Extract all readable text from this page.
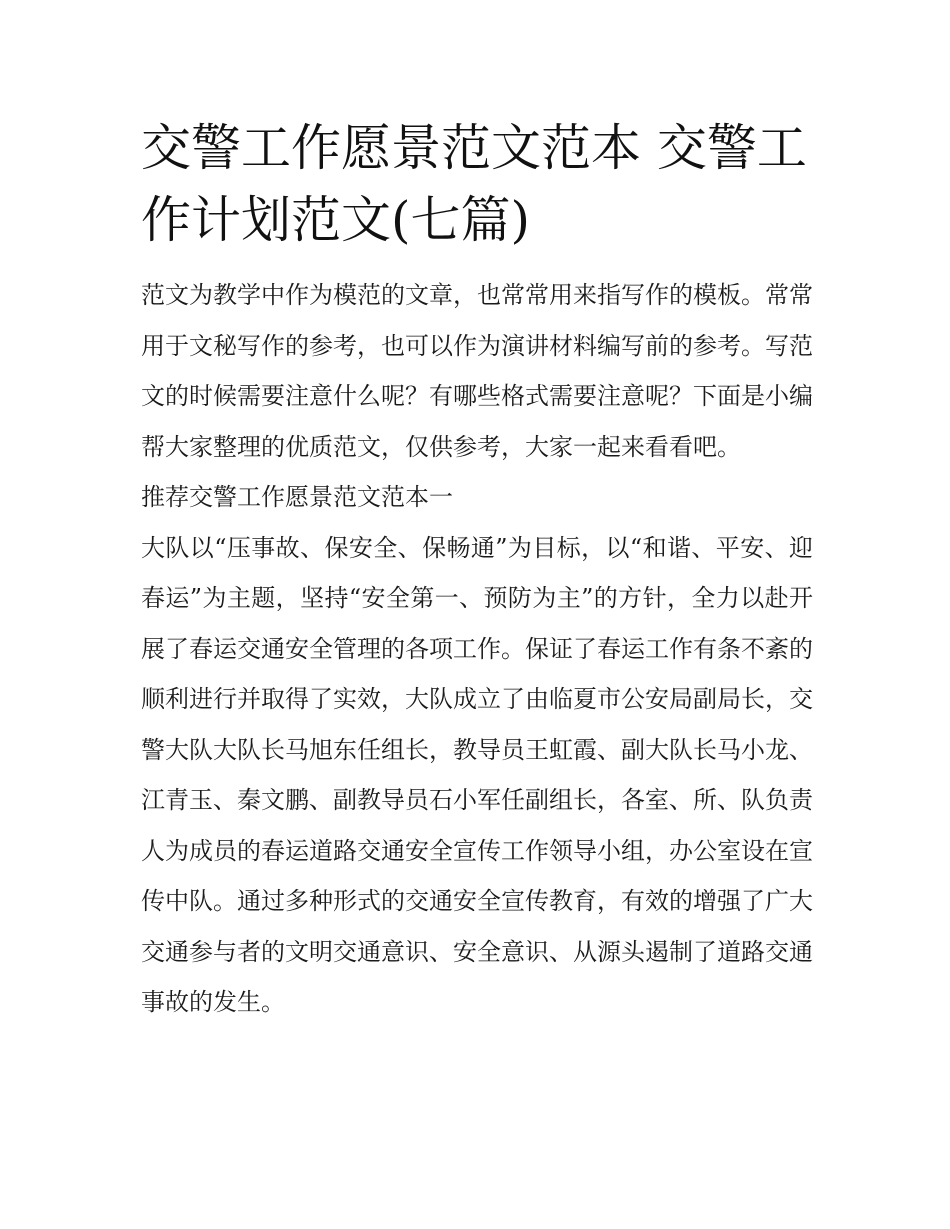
交警工作愿景范文范本 交警工作计划范文(七篇)

范文为教学中作为模范的文章，也常常用来指写作的模板。常常用于文秘写作的参考，也可以作为演讲材料编写前的参考。写范文的时候需要注意什么呢？有哪些格式需要注意呢？下面是小编帮大家整理的优质范文，仅供参考，大家一起来看看吧。

推荐交警工作愿景范文范本一

大队以“压事故、保安全、保畅通”为目标，以“和谐、平安、迎春运”为主题，坚持“安全第一、预防为主”的方针，全力以赴开展了春运交通安全管理的各项工作。保证了春运工作有条不紊的顺利进行并取得了实效，大队成立了由临夏市公安局副局长，交警大队大队长马旭东任组长，教导员王虹霞、副大队长马小龙、江青玉、秦文鹏、副教导员石小军任副组长，各室、所、队负责人为成员的春运道路交通安全宣传工作领导小组，办公室设在宣传中队。通过多种形式的交通安全宣传教育，有效的增强了广大交通参与者的文明交通意识、安全意识、从源头遏制了道路交通事故的发生。
